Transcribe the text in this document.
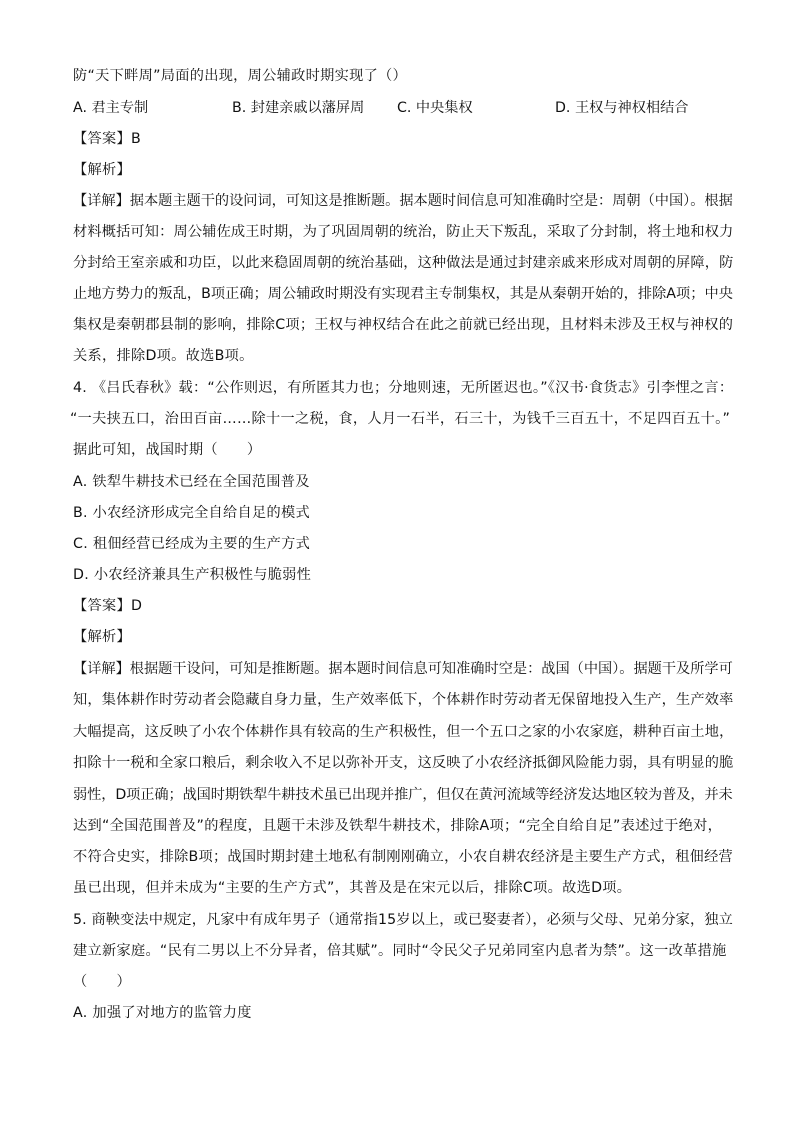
防“天下畔周”局面的出现，周公辅政时期实现了（）
A. 君主专制	B. 封建亲戚以藩屏周 C. 中央集权	D. 王权与神权相结合
【答案】B
【解析】
【详解】据本题主题干的设问词，可知这是推断题。据本题时间信息可知准确时空是：周朝（中国）。根据
材料概括可知：周公辅佐成王时期，为了巩固周朝的统治，防止天下叛乱，采取了分封制，将土地和权力
分封给王室亲戚和功臣，以此来稳固周朝的统治基础，这种做法是通过封建亲戚来形成对周朝的屏障，防
止地方势力的叛乱，B项正确；周公辅政时期没有实现君主专制集权，其是从秦朝开始的，排除A项；中央
集权是秦朝郡县制的影响，排除C项；王权与神权结合在此之前就已经出现，且材料未涉及王权与神权的
关系，排除D项。故选B项。
4. 《吕氏春秋》载：“公作则迟，有所匿其力也；分地则速，无所匿迟也。”《汉书·食货志》引李悝之言：
“一夫挟五口，治田百亩……除十一之税，食，人月一石半，石三十，为钱千三百五十，不足四百五十。”
据此可知，战国时期（　　）
A. 铁犁牛耕技术已经在全国范围普及
B. 小农经济形成完全自给自足的模式
C. 租佃经营已经成为主要的生产方式
D. 小农经济兼具生产积极性与脆弱性
【答案】D
【解析】
【详解】根据题干设问，可知是推断题。据本题时间信息可知准确时空是：战国（中国）。据题干及所学可
知，集体耕作时劳动者会隐藏自身力量，生产效率低下，个体耕作时劳动者无保留地投入生产，生产效率
大幅提高，这反映了小农个体耕作具有较高的生产积极性，但一个五口之家的小农家庭，耕种百亩土地，
扣除十一税和全家口粮后，剩余收入不足以弥补开支，这反映了小农经济抵御风险能力弱，具有明显的脆
弱性，D项正确；战国时期铁犁牛耕技术虽已出现并推广，但仅在黄河流域等经济发达地区较为普及，并未
达到“全国范围普及”的程度，且题干未涉及铁犁牛耕技术，排除A项；“完全自给自足”表述过于绝对，
不符合史实，排除B项；战国时期封建土地私有制刚刚确立，小农自耕农经济是主要生产方式，租佃经营
虽已出现，但并未成为“主要的生产方式”，其普及是在宋元以后，排除C项。故选D项。
5. 商鞅变法中规定，凡家中有成年男子（通常指15岁以上，或已娶妻者），必须与父母、兄弟分家，独立
建立新家庭。“民有二男以上不分异者，倍其赋”。同时“令民父子兄弟同室内息者为禁”。这一改革措施
（　　）
A. 加强了对地方的监管力度
